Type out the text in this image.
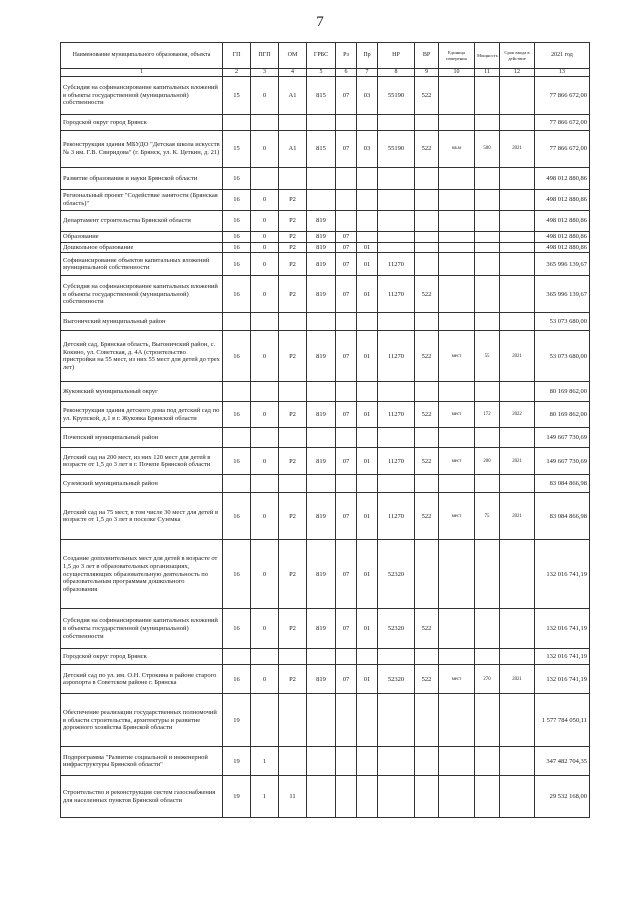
7
Наименование муниципального образования, объекта	ГП	ПГП	ОМ	ГРБС	Рз	Пр	НР	ВР	Единица измерения	Мощность	Срок ввода в действие	2021 год
1	2	3	4	5	6	7	8	9	10	11	12	13
Субсидия на софинансирование капитальных вложений в объекты государственной (муниципальной) собственности	15	0	A1	815	07	03	55190	522				77 866 672,00
Городской округ город Брянск												77 866 672,00
Реконструкция здания МБУДО "Детская школа искусств № 3 им. Г.В. Свиридова" (г. Брянск, ул. К. Цеткин, д. 21)	15	0	A1	815	07	03	55190	522	кв.м	500	2021	77 866 672,00
Развитие образования и науки Брянской области	16											498 012 880,86
Региональный проект "Содействие занятости (Брянская область)"	16	0	P2									498 012 880,86
Департамент строительства Брянской области	16	0	P2	819								498 012 880,86
Образование	16	0	P2	819	07							498 012 880,86
Дошкольное образование	16	0	P2	819	07	01						498 012 880,86
Софинансирование объектов капитальных вложений муниципальной собственности	16	0	P2	819	07	01	11270					365 996 139,67
Субсидия на софинансирование капитальных вложений в объекты государственной (муниципальной) собственности	16	0	P2	819	07	01	11270	522				365 996 139,67
Выгоничский муниципальный район												53 073 680,00
Детский сад, Брянская область, Выгоничский район, с. Кокино, ул. Советская, д. 4А (строительство пристройки на 55 мест, из них 55 мест для детей до трех лет)	16	0	P2	819	07	01	11270	522	мест	55	2021	53 073 680,00
Жуковский муниципальный округ												80 169 862,00
Реконструкция здания детского дома под детский сад по ул. Крупской, д.1 в г. Жуковка Брянской области	16	0	P2	819	07	01	11270	522	мест	172	2022	80 169 862,00
Почепский муниципальный район												149 667 730,69
Детский сад на 200 мест, из них 120 мест для детей в возрасте от 1,5 до 3 лет в г. Почепе Брянской области	16	0	P2	819	07	01	11270	522	мест	200	2021	149 667 730,69
Суземский муниципальный район												83 084 866,98
Детский сад на 75 мест, в том числе 30 мест для детей в возрасте от 1,5 до 3 лет в поселке Суземка	16	0	P2	819	07	01	11270	522	мест	75	2021	83 084 866,98
Создание дополнительных мест для детей в возрасте от 1,5 до 3 лет в образовательных организациях, осуществляющих образовательную деятельность по образовательным программам дошкольного образования	16	0	P2	819	07	01	52320					132 016 741,19
Субсидия на софинансирование капитальных вложений в объекты государственной (муниципальной) собственности	16	0	P2	819	07	01	52320	522				132 016 741,19
Городской округ город Брянск												132 016 741,19
Детский сад по ул. им. О.Н. Строкина в районе старого аэропорта в Советском районе г. Брянска	16	0	P2	819	07	01	52320	522	мест	270	2021	132 016 741,19
Обеспечение реализации государственных полномочий в области строительства, архитектуры и развитие дорожного хозяйства Брянской области	19											1 577 784 050,11
Подпрограмма "Развитие социальной и инженерной инфраструктуры Брянской области"	19	1										347 482 704,35
Строительство и реконструкция систем газоснабжения для населенных пунктов Брянской области	19	1	11									29 532 168,00
